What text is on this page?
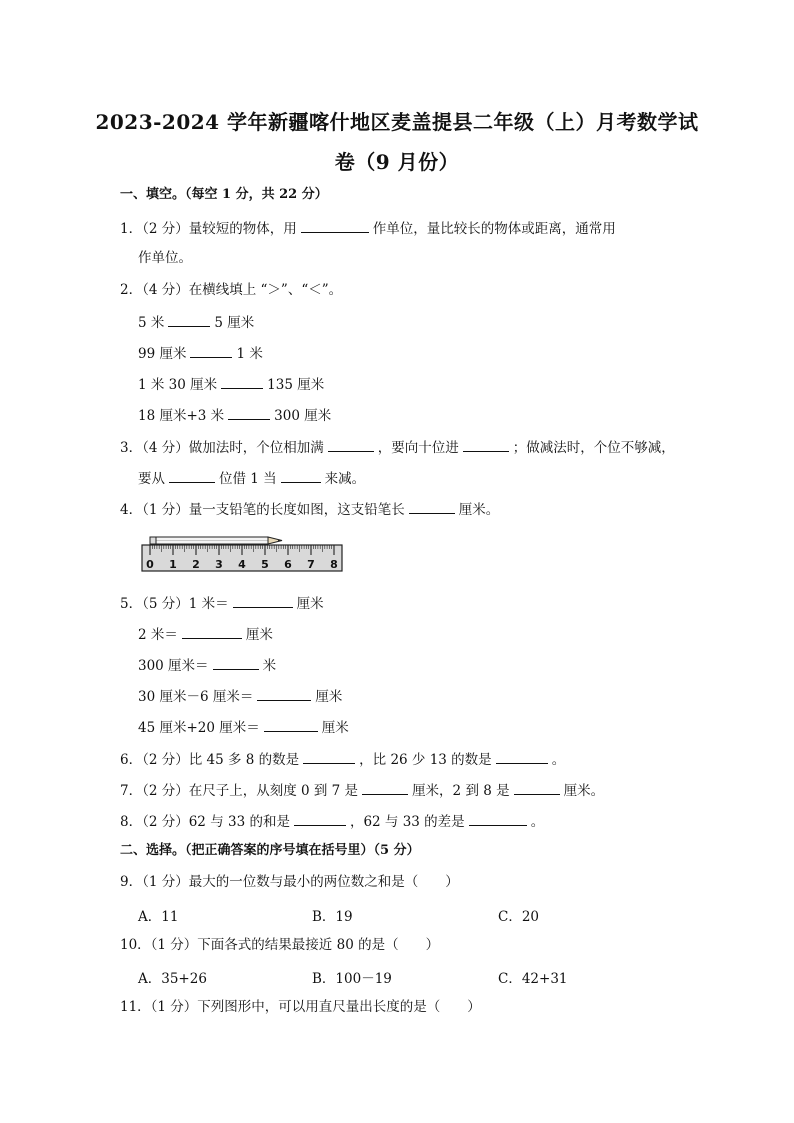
2023-2024 学年新疆喀什地区麦盖提县二年级（上）月考数学试
卷（9 月份）
一、填空。（每空 1 分，共 22 分）
1．（2 分）量较短的物体，用	作单位，量比较长的物体或距离，通常用
作单位。
2．（4 分）在横线填上 “＞”、“＜”。
5 米	5 厘米
99 厘米	1 米
1 米 30 厘米	135 厘米
18 厘米+3 米	300 厘米
3．（4 分）做加法时，个位相加满	，要向十位进	；做减法时，个位不够减，
要从	位借 1 当	来减。
4．（1 分）量一支铅笔的长度如图，这支铅笔长	厘米。
0 1 2 3 4 5 6 7 8
5．（5 分）1 米＝	厘米
2 米＝	厘米
300 厘米＝	米
30 厘米－6 厘米＝	厘米
45 厘米+20 厘米＝	厘米
6．（2 分）比 45 多 8 的数是	，比 26 少 13 的数是	。
7．（2 分）在尺子上，从刻度 0 到 7 是	厘米，2 到 8 是	厘米。
8．（2 分）62 与 33 的和是	，62 与 33 的差是	。
二、选择。（把正确答案的序号填在括号里）（5 分）
9．（1 分）最大的一位数与最小的两位数之和是（　　）
A．11	B．19	C．20
10．（1 分）下面各式的结果最接近 80 的是（　　）
A．35+26	B．100－19	C．42+31
11．（1 分）下列图形中，可以用直尺量出长度的是（　　）
